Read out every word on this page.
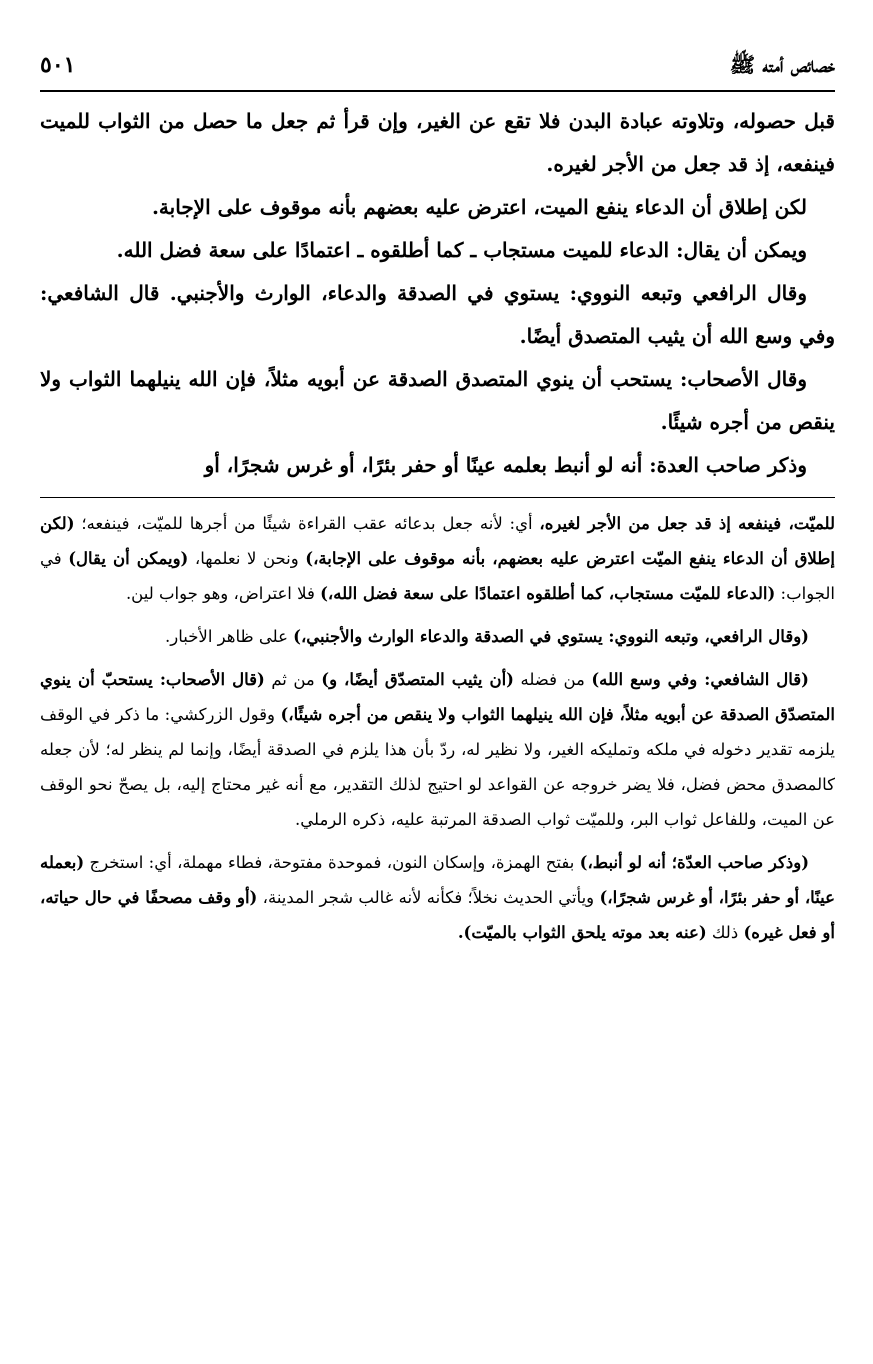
خصائص أمته ﷺ
٥٠١

قبل حصوله، وتلاوته عبادة البدن فلا تقع عن الغير، وإن قرأ ثم جعل ما حصل من الثواب للميت فينفعه، إذ قد جعل من الأجر لغيره.

لكن إطلاق أن الدعاء ينفع الميت، اعترض عليه بعضهم بأنه موقوف على الإجابة.

ويمكن أن يقال: الدعاء للميت مستجاب ـ كما أطلقوه ـ اعتمادًا على سعة فضل الله.

وقال الرافعي وتبعه النووي: يستوي في الصدقة والدعاء، الوارث والأجنبي. قال الشافعي: وفي وسع الله أن يثيب المتصدق أيضًا.

وقال الأصحاب: يستحب أن ينوي المتصدق الصدقة عن أبويه مثلاً، فإن الله ينيلهما الثواب ولا ينقص من أجره شيئًا.

وذكر صاحب العدة: أنه لو أنبط بعلمه عينًا أو حفر بئرًا، أو غرس شجرًا، أو

للميّت، فينفعه إذ قد جعل من الأجر لغيره، أي: لأنه جعل بدعائه عقب القراءة شيئًا من أجرها للميّت، فينفعه؛ (لكن إطلاق أن الدعاء ينفع الميّت اعترض عليه بعضهم، بأنه موقوف على الإجابة،) ونحن لا نعلمها، (ويمكن أن يقال) في الجواب: (الدعاء للميّت مستجاب، كما أطلقوه اعتمادًا على سعة فضل الله،) فلا اعتراض، وهو جواب لين.

(وقال الرافعي، وتبعه النووي: يستوي في الصدقة والدعاء الوارث والأجنبي،) على ظاهر الأخبار.

(قال الشافعي: وفي وسع الله) من فضله (أن يثيب المتصدّق أيضًا، و) من ثم (قال الأصحاب: يستحبّ أن ينوي المتصدّق الصدقة عن أبويه مثلاً، فإن الله ينيلهما الثواب ولا ينقص من أجره شيئًا،) وقول الزركشي: ما ذكر في الوقف يلزمه تقدير دخوله في ملكه وتمليكه الغير، ولا نظير له، ردّ بأن هذا يلزم في الصدقة أيضًا، وإنما لم ينظر له؛ لأن جعله كالمصدق محض فضل، فلا يضر خروجه عن القواعد لو احتيج لذلك التقدير، مع أنه غير محتاج إليه، بل يصحّ نحو الوقف عن الميت، وللفاعل ثواب البر، وللميّت ثواب الصدقة المرتبة عليه، ذكره الرملي.

(وذكر صاحب العدّة؛ أنه لو أنبط،) بفتح الهمزة، وإسكان النون، فموحدة مفتوحة، فطاء مهملة، أي: استخرج (بعمله عينًا، أو حفر بئرًا، أو غرس شجرًا،) ويأتي الحديث نخلاً؛ فكأنه لأنه غالب شجر المدينة، (أو وقف مصحفًا في حال حياته، أو فعل غيره) ذلك (عنه بعد موته يلحق الثواب بالميّت).
